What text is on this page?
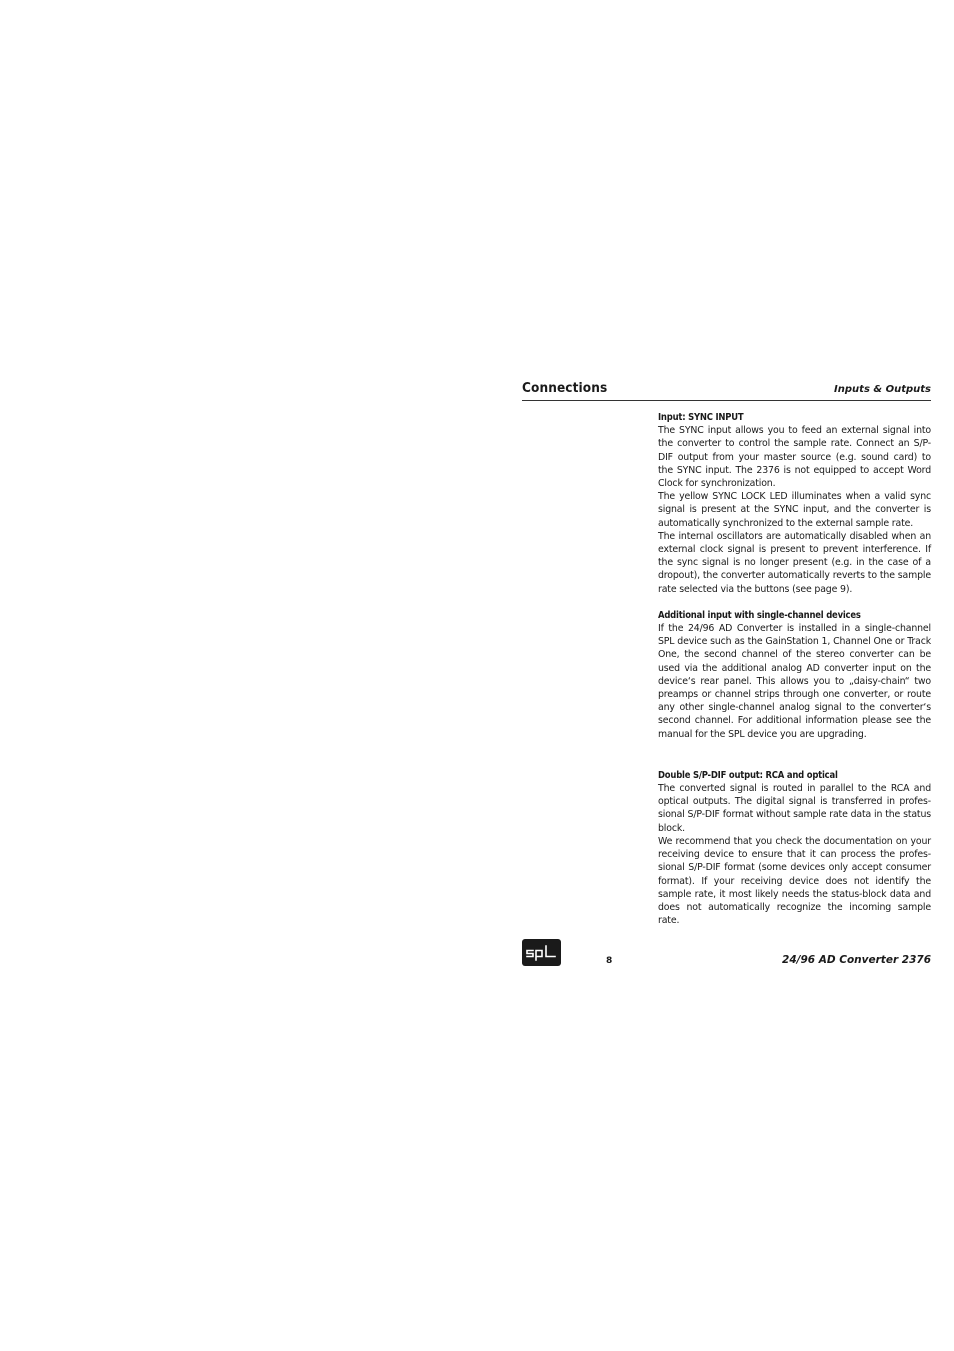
Connections	Inputs & Outputs
Input: SYNC INPUT

The SYNC input allows you to feed an external signal into the converter to control the sample rate. Connect an S/P-DIF output from your master source (e.g. sound card) to the SYNC input. The 2376 is not equipped to accept Word Clock for synchronization.

The yellow SYNC LOCK LED illuminates when a valid sync signal is present at the SYNC input, and the converter is automatically synchronized to the external sample rate.

The internal oscillators are automatically disabled when an external clock signal is present to prevent interference. If the sync signal is no longer present (e.g. in the case of a dropout), the converter automatically reverts to the sample rate selected via the buttons (see page 9).

Additional input with single-channel devices

If the 24/96 AD Converter is installed in a single-channel SPL device such as the GainStation 1, Channel One or Track One, the second channel of the stereo converter can be used via the additional analog AD converter input on the device‘s rear panel. This allows you to „daisy-chain“ two preamps or channel strips through one converter, or route any other single-channel analog signal to the converter‘s second channel. For additional information please see the manual for the SPL device you are upgrading.

Double S/P-DIF output: RCA and optical

The converted signal is routed in parallel to the RCA and optical outputs. The digital signal is transferred in profes-sional S/P-DIF format without sample rate data in the status block.

We recommend that you check the documentation on your receiving device to ensure that it can process the profes-sional S/P-DIF format (some devices only accept consumer format). If your receiving device does not identify the sample rate, it most likely needs the status-block data and does not automatically recognize the incoming sample rate.

8	24/96 AD Converter 2376
